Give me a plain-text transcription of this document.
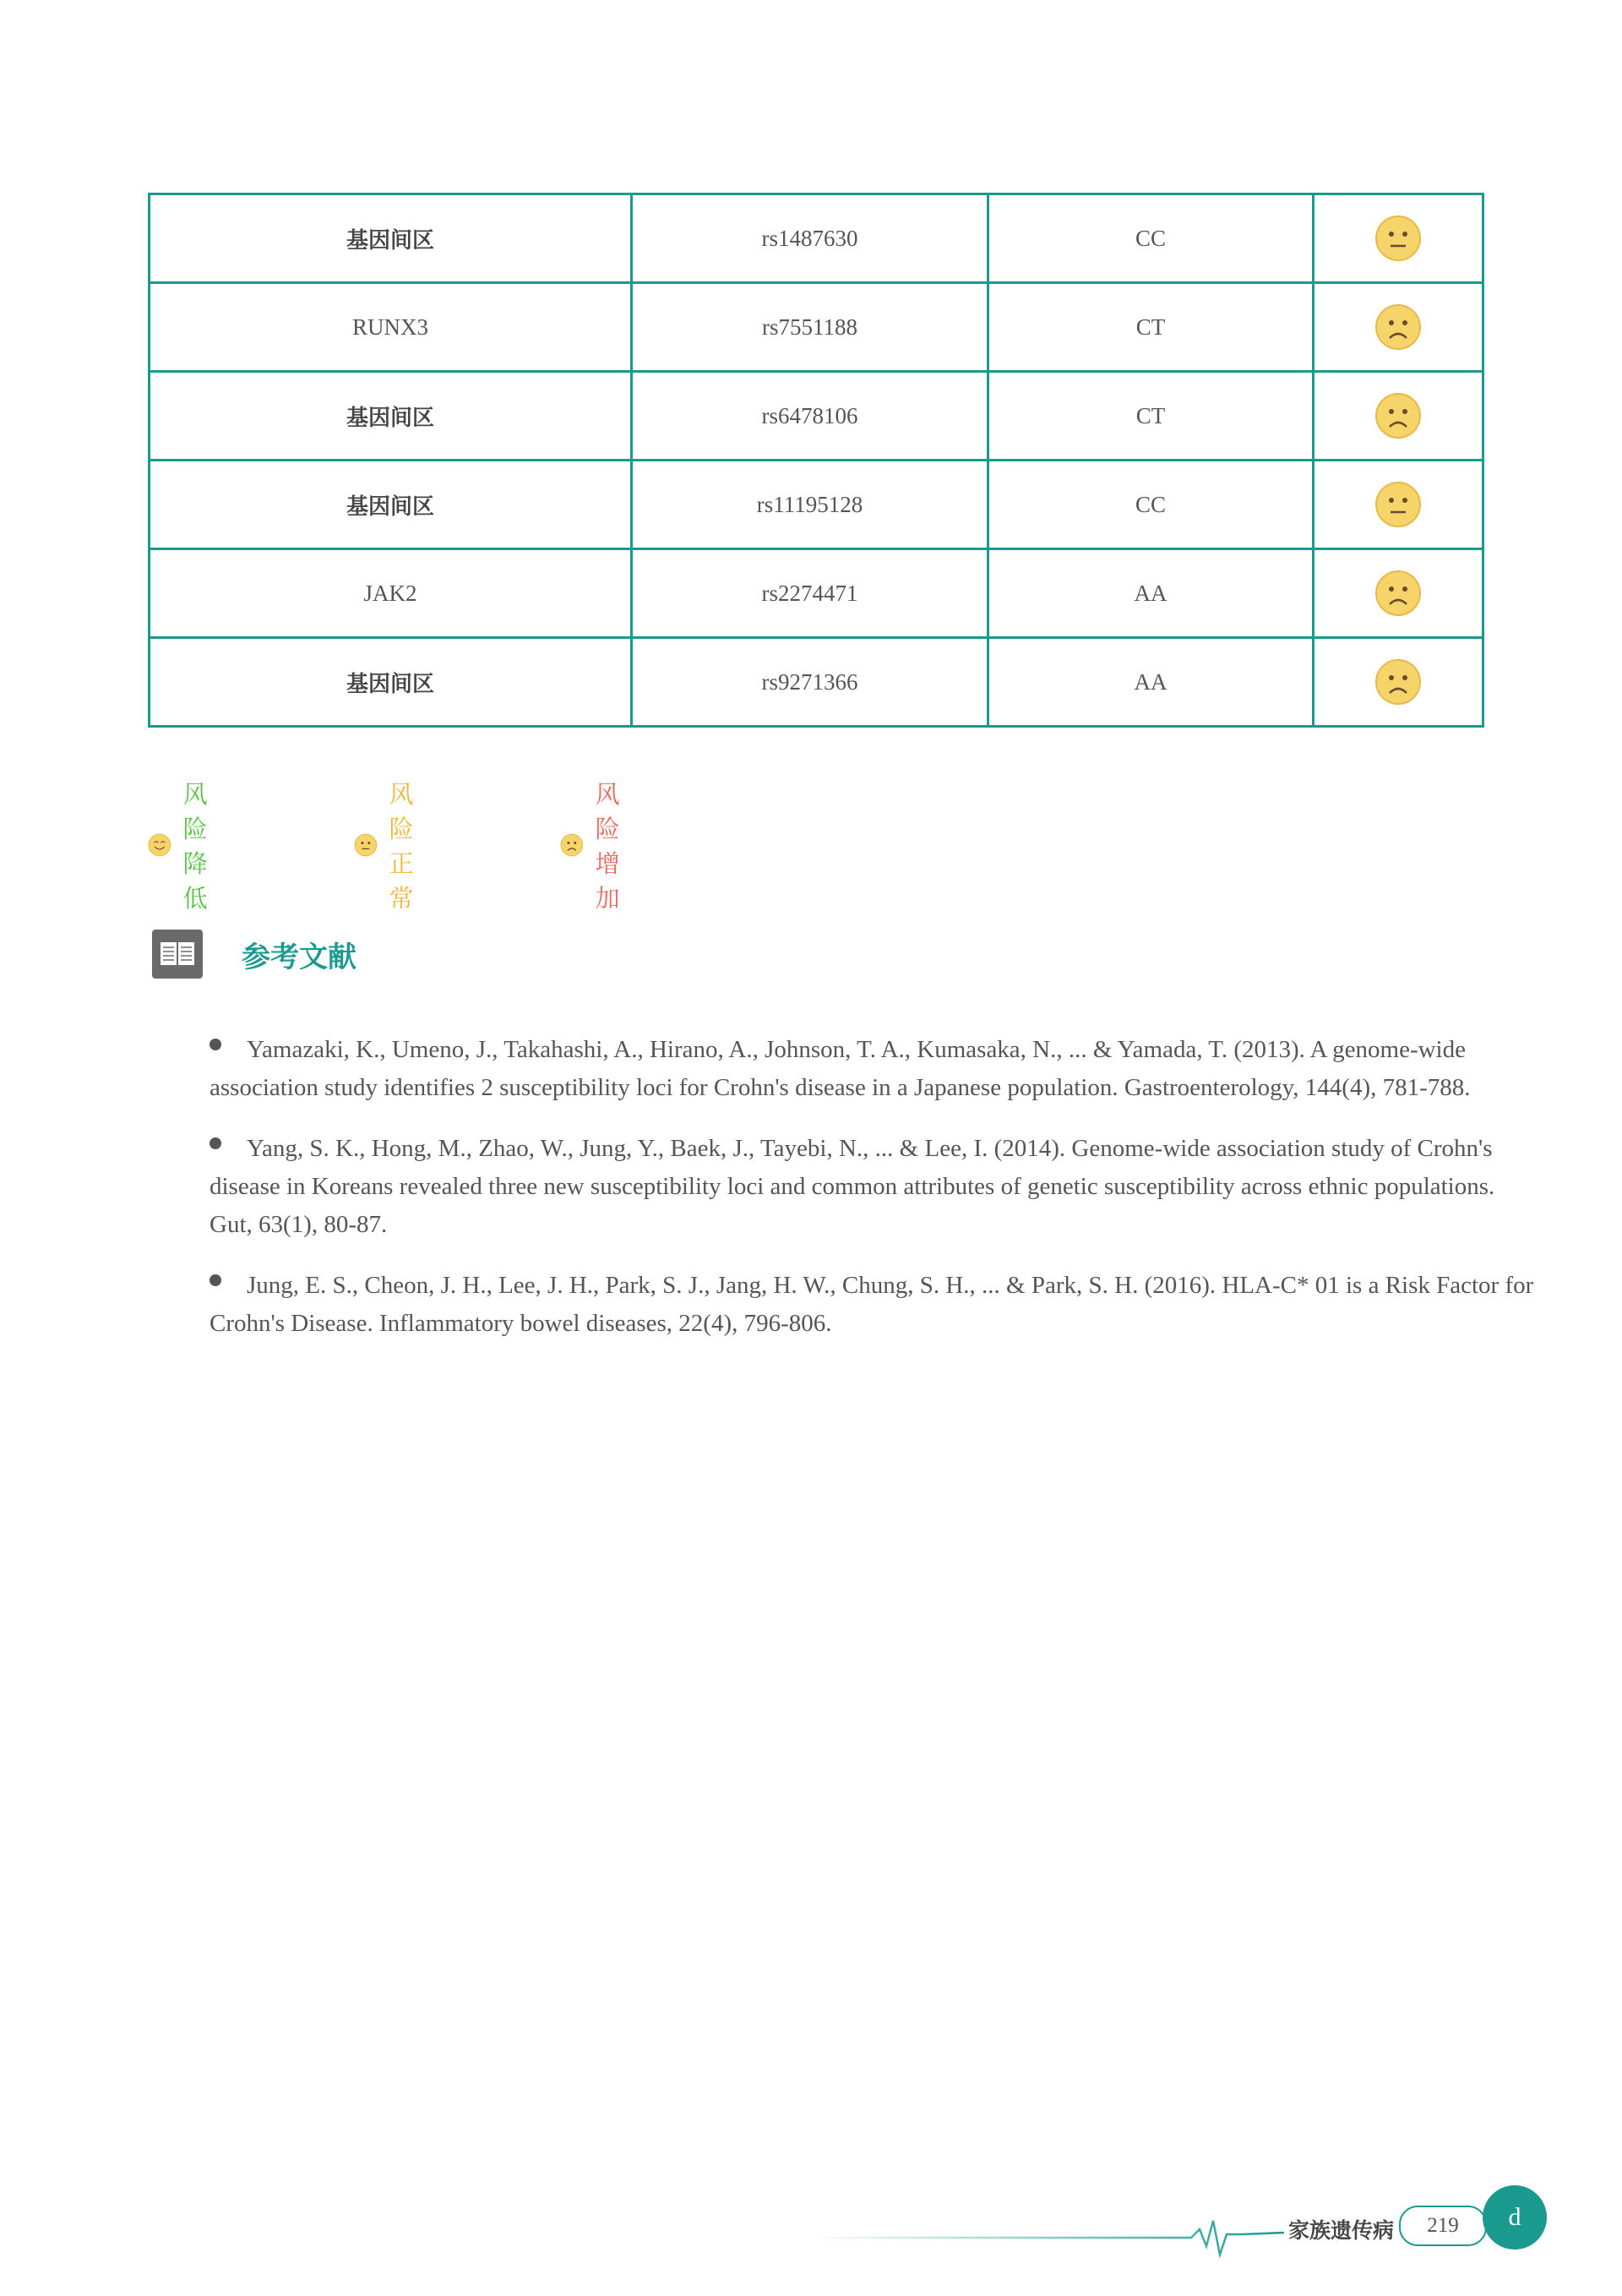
基因间区	rs1487630	CC	
RUNX3	rs7551188	CT	
基因间区	rs6478106	CT	
基因间区	rs11195128	CC	
JAK2	rs2274471	AA	
基因间区	rs9271366	AA	
风险降低
风险正常
风险增加
参考文献
Yamazaki, K., Umeno, J., Takahashi, A., Hirano, A., Johnson, T. A., Kumasaka, N., ... & Yamada, T. (2013). A genome-wide association study identifies 2 susceptibility loci for Crohn's disease in a Japanese population. Gastroenterology, 144(4), 781-788.
Yang, S. K., Hong, M., Zhao, W., Jung, Y., Baek, J., Tayebi, N., ... & Lee, I. (2014). Genome-wide association study of Crohn's disease in Koreans revealed three new susceptibility loci and common attributes of genetic susceptibility across ethnic populations. Gut, 63(1), 80-87.
Jung, E. S., Cheon, J. H., Lee, J. H., Park, S. J., Jang, H. W., Chung, S. H., ... & Park, S. H. (2016). HLA-C* 01 is a Risk Factor for Crohn's Disease. Inflammatory bowel diseases, 22(4), 796-806.
家族遗传病	219	d
